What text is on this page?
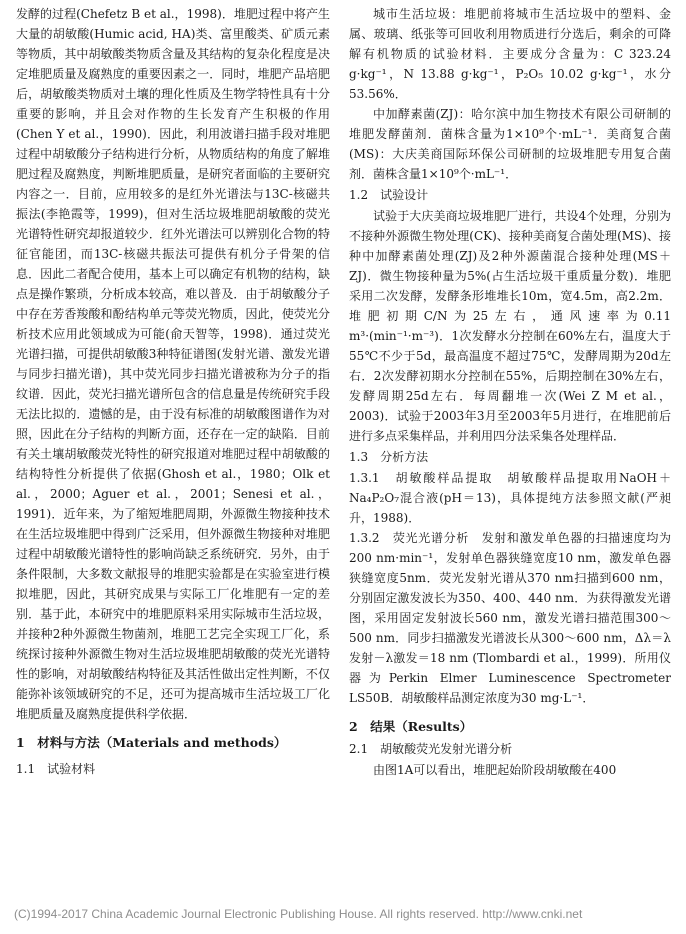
发酵的过程(Chefetz B et al.，1998)．堆肥过程中将产生大量的胡敏酸(Humic acid, HA)类、富里酸类、矿质元素等物质，其中胡敏酸类物质含量及其结构的复杂化程度是决定堆肥质量及腐熟度的重要因素之一．同时，堆肥产品培肥后，胡敏酸类物质对土壤的理化性质及生物学特性具有十分重要的影响，并且会对作物的生长发育产生积极的作用(Chen Y et al.，1990)．因此，利用波谱扫描手段对堆肥过程中胡敏酸分子结构进行分析，从物质结构的角度了解堆肥过程及腐熟度，判断堆肥质量，是研究者面临的主要研究内容之一．目前，应用较多的是红外光谱法与13C-核磁共振法(李艳霞等，1999)，但对生活垃圾堆肥胡敏酸的荧光光谱特性研究却报道较少．红外光谱法可以辨别化合物的特征官能团，而13C-核磁共振法可提供有机分子骨架的信息．因此二者配合使用，基本上可以确定有机物的结构，缺点是操作繁琐，分析成本较高，难以普及．由于胡敏酸分子中存在芳香羧酸和酚结构单元等荧光物质，因此，使荧光分析技术应用此领域成为可能(俞天智等，1998)．通过荧光光谱扫描，可提供胡敏酸3种特征谱图(发射光谱、激发光谱与同步扫描光谱)，其中荧光同步扫描光谱被称为分子的指纹谱．因此，荧光扫描光谱所包含的信息量是传统研究手段无法比拟的．遗憾的是，由于没有标准的胡敏酸图谱作为对照，因此在分子结构的判断方面，还存在一定的缺陷．目前有关土壤胡敏酸荧光特性的研究报道对堆肥过程中胡敏酸的结构特性分析提供了依据(Ghosh et al.，1980；Olk et al.，2000；Aguer et al.，2001；Senesi et al.，1991)．近年来，为了缩短堆肥周期，外源微生物接种技术在生活垃圾堆肥中得到广泛采用，但外源微生物接种对堆肥过程中胡敏酸光谱特性的影响尚缺乏系统研究．另外，由于条件限制，大多数文献报导的堆肥实验都是在实验室进行模拟堆肥，因此，其研究成果与实际工厂化堆肥有一定的差别．基于此，本研究中的堆肥原料采用实际城市生活垃圾，并接种2种外源微生物菌剂，堆肥工艺完全实现工厂化，系统探讨接种外源微生物对生活垃圾堆肥胡敏酸的荧光光谱特性的影响，对胡敏酸结构特征及其活性做出定性判断，不仅能弥补该领域研究的不足，还可为提高城市生活垃圾工厂化堆肥质量及腐熟度提供科学依据．

1　材料与方法（Materials and methods）

1.1　试验材料

城市生活垃圾：堆肥前将城市生活垃圾中的塑料、金属、玻璃、纸张等可回收利用物质进行分选后，剩余的可降解有机物质的试验材料．主要成分含量为：C 323.24 g·kg⁻¹，N 13.88 g·kg⁻¹，P₂O₅ 10.02 g·kg⁻¹，水分53.56%．

中加酵素菌(ZJ)：哈尔滨中加生物技术有限公司研制的堆肥发酵菌剂．菌株含量为1×10⁹个·mL⁻¹．美商复合菌(MS)：大庆美商国际环保公司研制的垃圾堆肥专用复合菌剂．菌株含量1×10⁹个·mL⁻¹．

1.2　试验设计

试验于大庆美商垃圾堆肥厂进行，共设4个处理，分别为不接种外源微生物处理(CK)、接种美商复合菌处理(MS)、接种中加酵素菌处理(ZJ)及2种外源菌混合接种处理(MS＋ZJ)．微生物接种量为5%(占生活垃圾干重质量分数)．堆肥采用二次发酵，发酵条形堆堆长10m，宽4.5m，高2.2m．堆肥初期C/N为25左右，通风速率为0.11 m³·(min⁻¹·m⁻³)．1次发酵水分控制在60%左右，温度大于55℃不少于5d，最高温度不超过75℃，发酵周期为20d左右．2次发酵初期水分控制在55%，后期控制在30%左右，发酵周期25d左右．每周翻堆一次(Wei Z M et al.，2003)．试验于2003年3月至2003年5月进行，在堆肥前后进行多点采集样品，并利用四分法采集各处理样品．

1.3　分析方法

1.3.1　胡敏酸样品提取　胡敏酸样品提取用NaOH＋Na₄P₂O₇混合液(pH＝13)，具体提纯方法参照文献(严昶升，1988)．

1.3.2　荧光光谱分析　发射和激发单色器的扫描速度均为200 nm·min⁻¹，发射单色器狭缝宽度10 nm，激发单色器狭缝宽度5nm．荧光发射光谱从370 nm扫描到600 nm，分别固定激发波长为350、400、440 nm．为获得激发光谱图，采用固定发射波长560 nm，激发光谱扫描范围300～500 nm．同步扫描激发光谱波长从300～600 nm，Δλ＝λ发射－λ激发＝18 nm (Tlombardi et al.，1999)．所用仪器为Perkin Elmer Luminescence Spectrometer LS50B．胡敏酸样品测定浓度为30 mg·L⁻¹．

2　结果（Results）

2.1　胡敏酸荧光发射光谱分析

由图1A可以看出，堆肥起始阶段胡敏酸在400

(C)1994-2017 China Academic Journal Electronic Publishing House. All rights reserved. http://www.cnki.net
